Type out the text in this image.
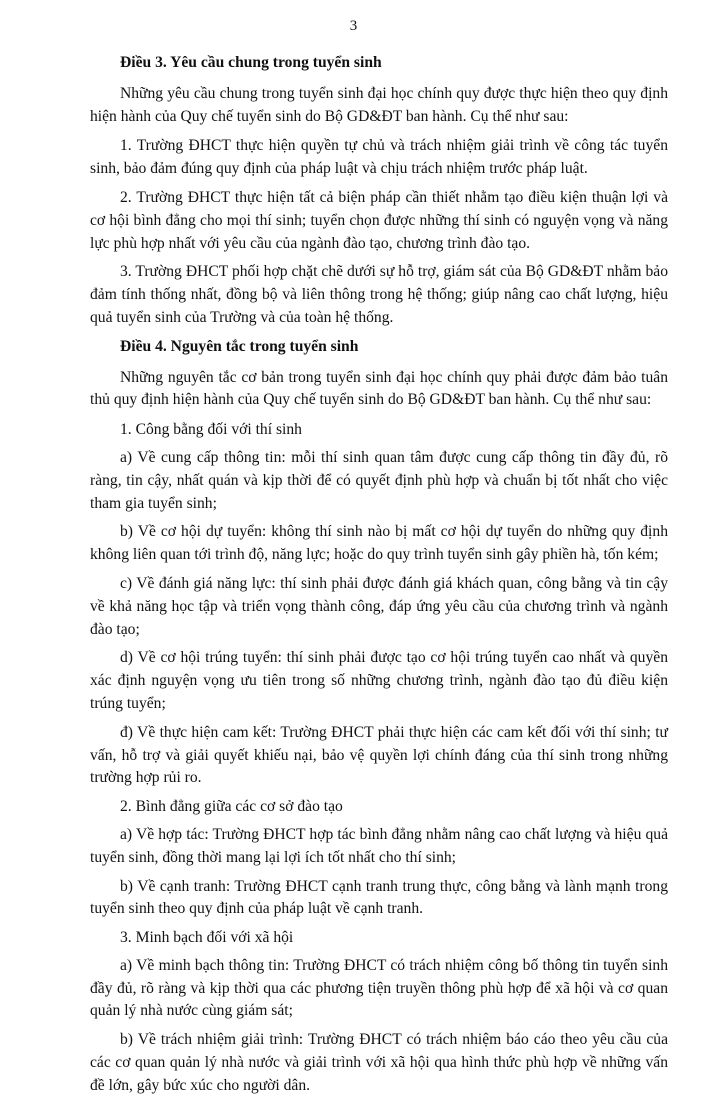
3

Điều 3. Yêu cầu chung trong tuyển sinh

Những yêu cầu chung trong tuyển sinh đại học chính quy được thực hiện theo quy định hiện hành của Quy chế tuyển sinh do Bộ GD&ĐT ban hành. Cụ thể như sau:

1. Trường ĐHCT thực hiện quyền tự chủ và trách nhiệm giải trình về công tác tuyển sinh, bảo đảm đúng quy định của pháp luật và chịu trách nhiệm trước pháp luật.

2. Trường ĐHCT thực hiện tất cả biện pháp cần thiết nhằm tạo điều kiện thuận lợi và cơ hội bình đẳng cho mọi thí sinh; tuyển chọn được những thí sinh có nguyện vọng và năng lực phù hợp nhất với yêu cầu của ngành đào tạo, chương trình đào tạo.

3. Trường ĐHCT phối hợp chặt chẽ dưới sự hỗ trợ, giám sát của Bộ GD&ĐT nhằm bảo đảm tính thống nhất, đồng bộ và liên thông trong hệ thống; giúp nâng cao chất lượng, hiệu quả tuyển sinh của Trường và của toàn hệ thống.

Điều 4. Nguyên tắc trong tuyển sinh

Những nguyên tắc cơ bản trong tuyển sinh đại học chính quy phải được đảm bảo tuân thủ quy định hiện hành của Quy chế tuyển sinh do Bộ GD&ĐT ban hành. Cụ thể như sau:

1. Công bằng đối với thí sinh

a) Về cung cấp thông tin: mỗi thí sinh quan tâm được cung cấp thông tin đầy đủ, rõ ràng, tin cậy, nhất quán và kịp thời để có quyết định phù hợp và chuẩn bị tốt nhất cho việc tham gia tuyển sinh;

b) Về cơ hội dự tuyển: không thí sinh nào bị mất cơ hội dự tuyển do những quy định không liên quan tới trình độ, năng lực; hoặc do quy trình tuyển sinh gây phiền hà, tốn kém;

c) Về đánh giá năng lực: thí sinh phải được đánh giá khách quan, công bằng và tin cậy về khả năng học tập và triển vọng thành công, đáp ứng yêu cầu của chương trình và ngành đào tạo;

d) Về cơ hội trúng tuyển: thí sinh phải được tạo cơ hội trúng tuyển cao nhất và quyền xác định nguyện vọng ưu tiên trong số những chương trình, ngành đào tạo đủ điều kiện trúng tuyển;

đ) Về thực hiện cam kết: Trường ĐHCT phải thực hiện các cam kết đối với thí sinh; tư vấn, hỗ trợ và giải quyết khiếu nại, bảo vệ quyền lợi chính đáng của thí sinh trong những trường hợp rủi ro.

2. Bình đẳng giữa các cơ sở đào tạo

a) Về hợp tác: Trường ĐHCT hợp tác bình đẳng nhằm nâng cao chất lượng và hiệu quả tuyển sinh, đồng thời mang lại lợi ích tốt nhất cho thí sinh;

b) Về cạnh tranh: Trường ĐHCT cạnh tranh trung thực, công bằng và lành mạnh trong tuyển sinh theo quy định của pháp luật về cạnh tranh.

3. Minh bạch đối với xã hội

a) Về minh bạch thông tin: Trường ĐHCT có trách nhiệm công bố thông tin tuyển sinh đầy đủ, rõ ràng và kịp thời qua các phương tiện truyền thông phù hợp để xã hội và cơ quan quản lý nhà nước cùng giám sát;

b) Về trách nhiệm giải trình: Trường ĐHCT có trách nhiệm báo cáo theo yêu cầu của các cơ quan quản lý nhà nước và giải trình với xã hội qua hình thức phù hợp về những vấn đề lớn, gây bức xúc cho người dân.
